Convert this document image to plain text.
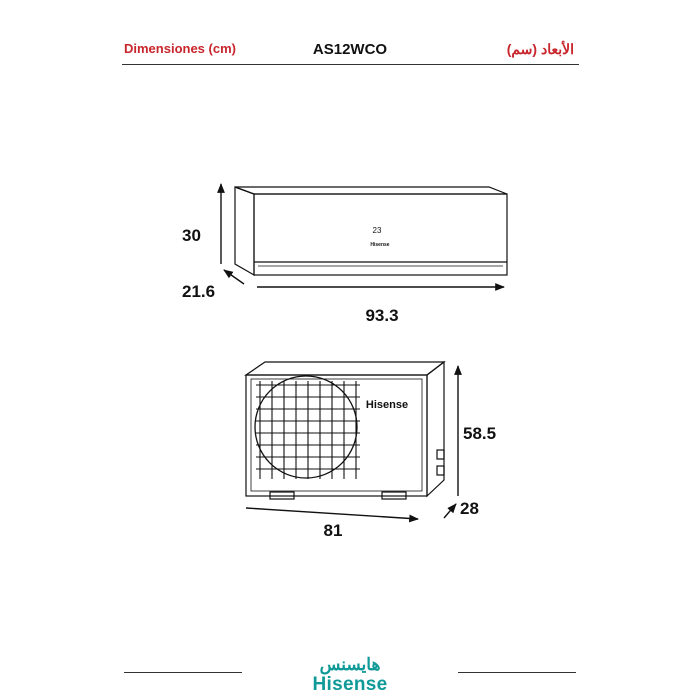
Dimensiones (cm)	AS12WCO	الأبعاد (سم)
23
Hisense
30
21.6
93.3
Hisense
58.5
28
81
هايسنس
Hisense
